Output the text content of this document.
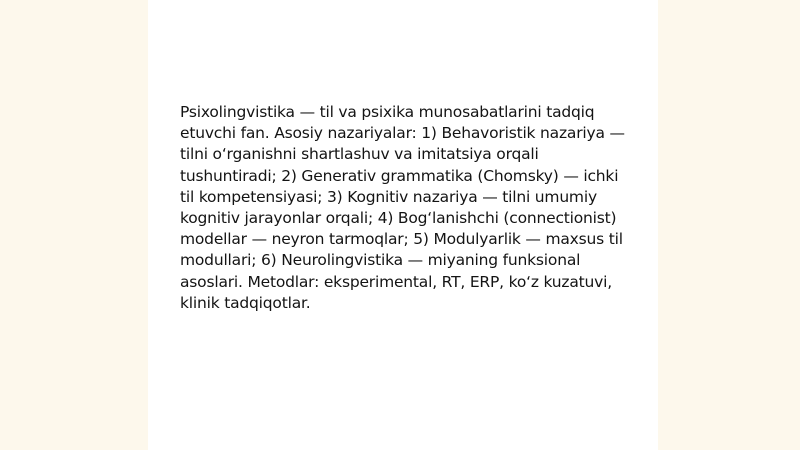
Psixolingvistika — til va psixika munosabatlarini tadqiq etuvchi fan. Asosiy nazariyalar: 1) Behavoristik nazariya — tilni o‘rganishni shartlashuv va imitatsiya orqali tushuntiradi; 2) Generativ grammatika (Chomsky) — ichki til kompetensiyasi; 3) Kognitiv nazariya — tilni umumiy kognitiv jarayonlar orqali; 4) Bog‘lanishchi (connectionist) modellar — neyron tarmoqlar; 5) Modulyarlik — maxsus til modullari; 6) Neurolingvistika — miyaning funksional asoslari. Metodlar: eksperimental, RT, ERP, ko‘z kuzatuvi, klinik tadqiqotlar.
